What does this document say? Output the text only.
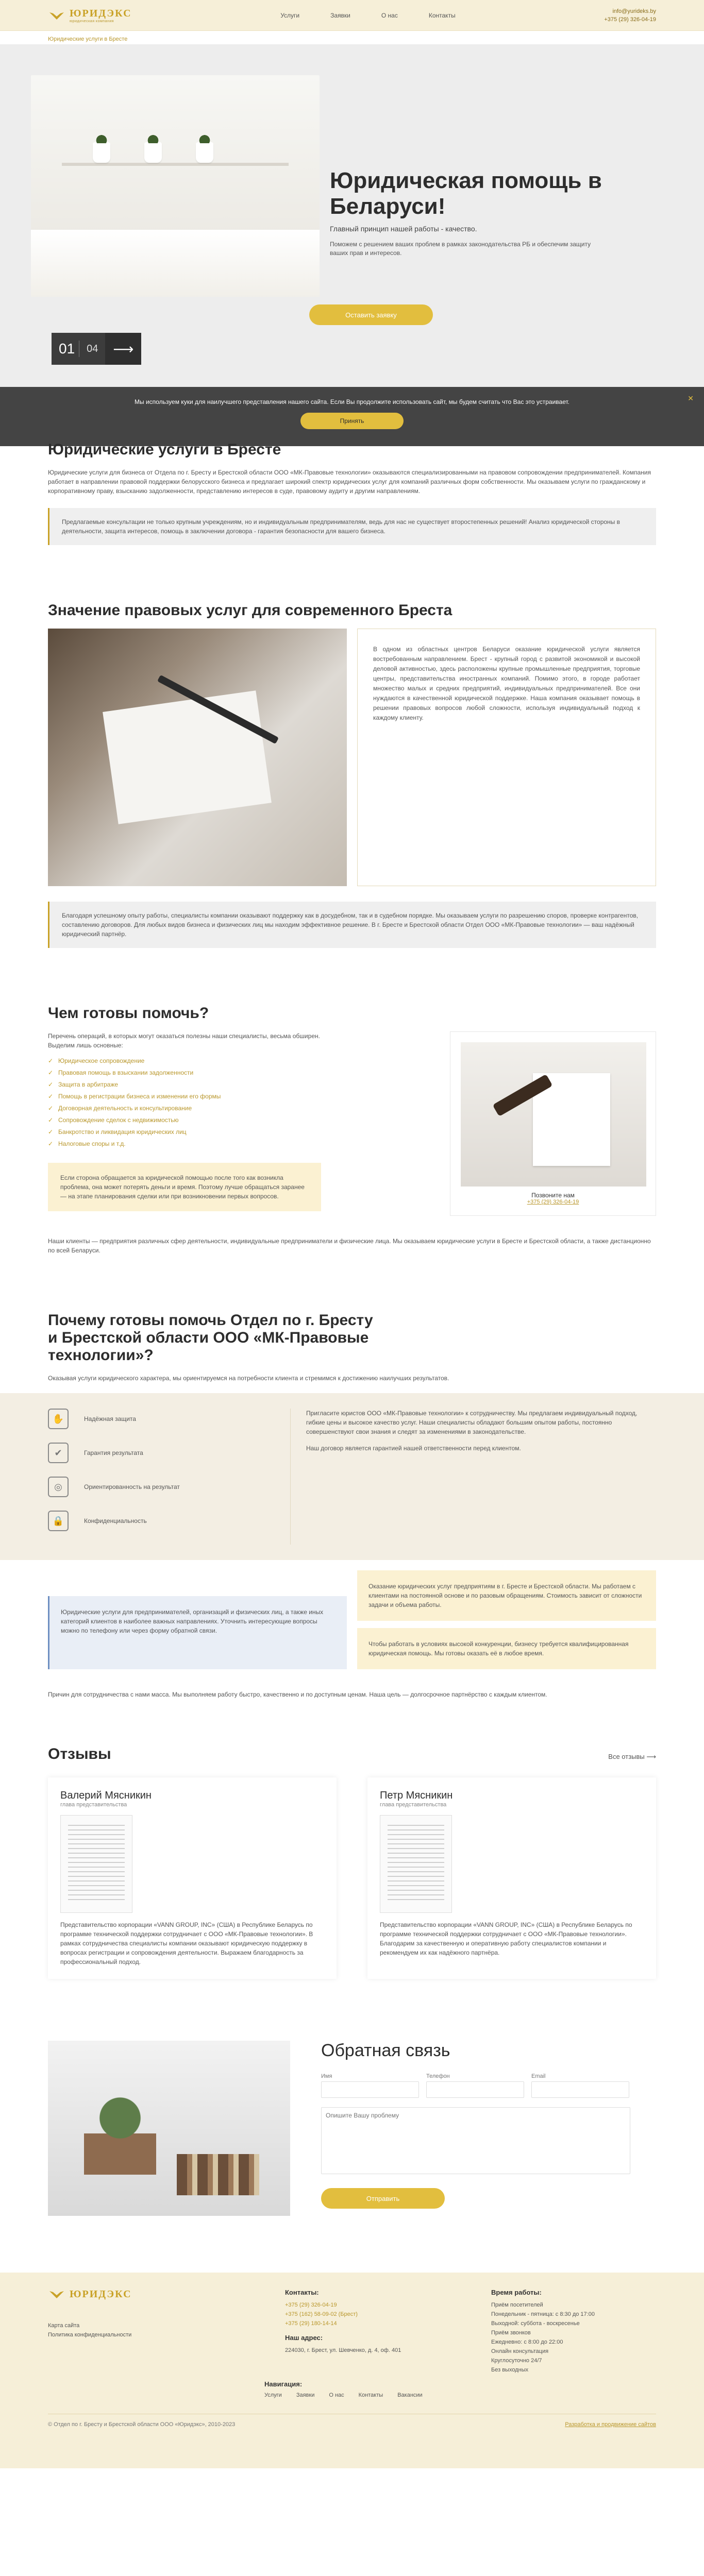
ЮРИДЭКС
юридическая компания
Услуги	Заявки	О нас	Контакты
info@yurideks.by
+375 (29) 326-04-19
Юридические услуги в Бресте
Юридическая помощь в Беларуси!
Главный принцип нашей работы - качество.
Поможем с решением ваших проблем в рамках законодательства РБ и обеспечим защиту ваших прав и интересов.
Оставить заявку
01	04	⟶
Мы используем куки для наилучшего представления нашего сайта. Если Вы продолжите использовать сайт, мы будем считать что Вас это устраивает.
Принять
✕
Юридические услуги в Бресте

Юридические услуги для бизнеса от Отдела по г. Бресту и Брестской области ООО «МК-Правовые технологии» оказываются специализированными на правовом сопровождении предпринимателей. Компания работает в направлении правовой поддержки белорусского бизнеса и предлагает широкий спектр юридических услуг для компаний различных форм собственности. Мы оказываем услуги по гражданскому и корпоративному праву, взысканию задолженности, представлению интересов в суде, правовому аудиту и другим направлениям.

Предлагаемые консультации не только крупным учреждениям, но и индивидуальным предпринимателям, ведь для нас не существует второстепенных решений! Анализ юридической стороны в деятельности, защита интересов, помощь в заключении договора - гарантия безопасности для вашего бизнеса.
Значение правовых услуг для современного Бреста
В одном из областных центров Беларуси оказание юридической услуги является востребованным направлением. Брест - крупный город с развитой экономикой и высокой деловой активностью, здесь расположены крупные промышленные предприятия, торговые центры, представительства иностранных компаний. Помимо этого, в городе работает множество малых и средних предприятий, индивидуальных предпринимателей. Все они нуждаются в качественной юридической поддержке. Наша компания оказывает помощь в решении правовых вопросов любой сложности, используя индивидуальный подход к каждому клиенту.
Благодаря успешному опыту работы, специалисты компании оказывают поддержку как в досудебном, так и в судебном порядке. Мы оказываем услуги по разрешению споров, проверке контрагентов, составлению договоров. Для любых видов бизнеса и физических лиц мы находим эффективное решение. В г. Бресте и Брестской области Отдел ООО «МК-Правовые технологии» — ваш надёжный юридический партнёр.
Чем готовы помочь?

Перечень операций, в которых могут оказаться полезны наши специалисты, весьма обширен. Выделим лишь основные:

✓ Юридическое сопровождение
✓ Правовая помощь в взыскании задолженности
✓ Защита в арбитраже
✓ Помощь в регистрации бизнеса и изменении его формы
✓ Договорная деятельность и консультирование
✓ Сопровождение сделок с недвижимостью
✓ Банкротство и ликвидация юридических лиц
✓ Налоговые споры и т.д.
Если сторона обращается за юридической помощью после того как возникла проблема, она может потерять деньги и время. Поэтому лучше обращаться заранее — на этапе планирования сделки или при возникновении первых вопросов.	Позвоните нам
+375 (29) 326-04-19

Наши клиенты — предприятия различных сфер деятельности, индивидуальные предприниматели и физические лица. Мы оказываем юридические услуги в Бресте и Брестской области, а также дистанционно по всей Беларуси.

Почему готовы помочь Отдел по г. Бресту и Брестской области ООО «МК-Правовые технологии»?

Оказывая услуги юридического характера, мы ориентируемся на потребности клиента и стремимся к достижению наилучших результатов.

✋	Надёжная защита
✔	Гарантия результата
◎	Ориентированность на результат
🔒	Конфиденциальность

Пригласите юристов ООО «МК-Правовые технологии» к сотрудничеству. Мы предлагаем индивидуальный подход, гибкие цены и высокое качество услуг. Наши специалисты обладают большим опытом работы, постоянно совершенствуют свои знания и следят за изменениями в законодательстве.

Наш договор является гарантией нашей ответственности перед клиентом.

Юридические услуги для предпринимателей, организаций и физических лиц, а также иных категорий клиентов в наиболее важных направлениях. Уточнить интересующие вопросы можно по телефону или через форму обратной связи.
Оказание юридических услуг предприятиям в г. Бресте и Брестской области. Мы работаем с клиентами на постоянной основе и по разовым обращениям. Стоимость зависит от сложности задачи и объема работы.
Чтобы работать в условиях высокой конкуренции, бизнесу требуется квалифицированная юридическая помощь. Мы готовы оказать её в любое время.

Причин для сотрудничества с нами масса. Мы выполняем работу быстро, качественно и по доступным ценам. Наша цель — долгосрочное партнёрство с каждым клиентом.

Отзывы	Все отзывы ⟶
Валерий Мясникин
глава представительства

Представительство корпорации «VANN GROUP, INC» (США) в Республике Беларусь по программе технической поддержки сотрудничает с ООО «МК-Правовые технологии». В рамках сотрудничества специалисты компании оказывают юридическую поддержку в вопросах регистрации и сопровождения деятельности. Выражаем благодарность за профессиональный подход.

Петр Мясникин
глава представительства

Представительство корпорации «VANN GROUP, INC» (США) в Республике Беларусь по программе технической поддержки сотрудничает с ООО «МК-Правовые технологии». Благодарим за качественную и оперативную работу специалистов компании и рекомендуем их как надёжного партнёра.

Обратная связь
Имя	Телефон	Email
Опишите Вашу проблему
Отправить
ЮРИДЭКС
Карта сайта
Политика конфиденциальности
Контакты:
+375 (29) 326-04-19
+375 (162) 58-09-02 (Брест)
+375 (29) 180-14-14
Наш адрес:
224030, г. Брест, ул. Шевченко, д. 4, оф. 401
Время работы:
Приём посетителей
Понедельник - пятница: с 8:30 до 17:00
Выходной: суббота - воскресенье
Приём звонков
Ежедневно: с 8:00 до 22:00
Онлайн консультация
Круглосуточно 24/7
Без выходных
Навигация:
Услуги	Заявки	О нас	Контакты	Вакансии
© Отдел по г. Бресту и Брестской области ООО «Юридэкс», 2010-2023	Разработка и продвижение сайтов
